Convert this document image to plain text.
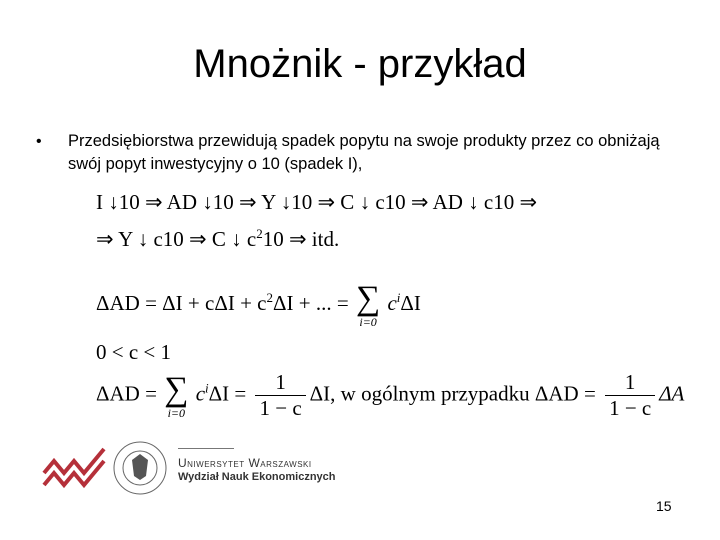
Mnożnik - przykład
• Przedsiębiorstwa przewidują spadek popytu na swoje produkty przez co obniżają swój popyt inwestycyjny o 10 (spadek I),
I ↓10 ⇒ AD ↓10 ⇒ Y ↓10 ⇒ C ↓ c10 ⇒ AD ↓ c10 ⇒
⇒ Y ↓ c10 ⇒ C ↓ $c^210$ ⇒ itd.
$\Delta AD = \Delta I + c\Delta I + c^2\Delta I$ + ... = ∑
i=0
$c^i\Delta I$
0 < c < 1
ΔAD = ∑
i=0
$c^i\Delta I = \frac{1}{1 - c} \Delta I$, w ogólnym przypadku $\Delta AD = \frac{1}{1 - c}$ ΔA
Uniwersytet Warszawski
Wydział Nauk Ekonomicznych
15
